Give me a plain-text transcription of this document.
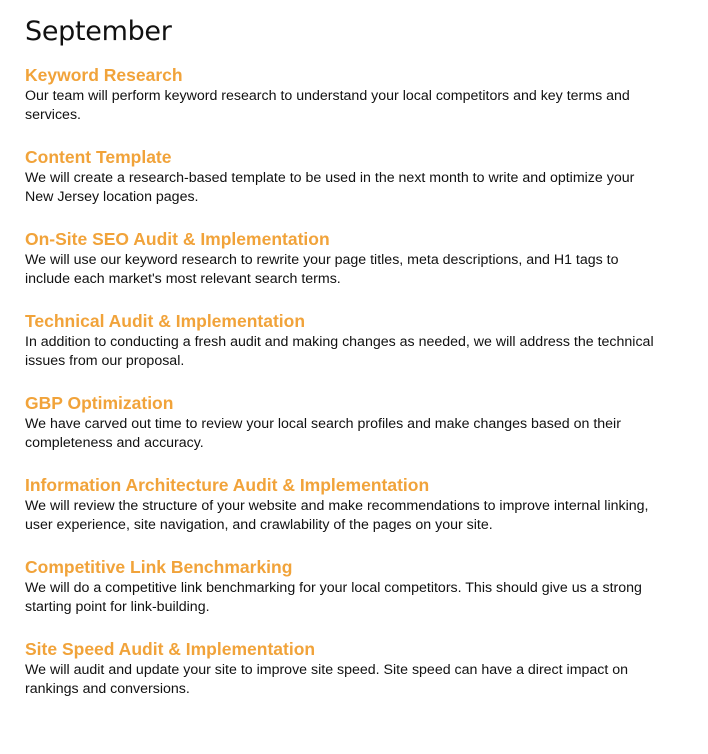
September
Keyword Research

Our team will perform keyword research to understand your local competitors and key terms and services.

Content Template

We will create a research-based template to be used in the next month to write and optimize your New Jersey location pages.

On-Site SEO Audit & Implementation

We will use our keyword research to rewrite your page titles, meta descriptions, and H1 tags to include each market's most relevant search terms.

Technical Audit & Implementation

In addition to conducting a fresh audit and making changes as needed, we will address the technical issues from our proposal.

GBP Optimization

We have carved out time to review your local search profiles and make changes based on their completeness and accuracy.

Information Architecture Audit & Implementation

We will review the structure of your website and make recommendations to improve internal linking, user experience, site navigation, and crawlability of the pages on your site.

Competitive Link Benchmarking

We will do a competitive link benchmarking for your local competitors. This should give us a strong starting point for link-building.

Site Speed Audit & Implementation

We will audit and update your site to improve site speed. Site speed can have a direct impact on rankings and conversions.
